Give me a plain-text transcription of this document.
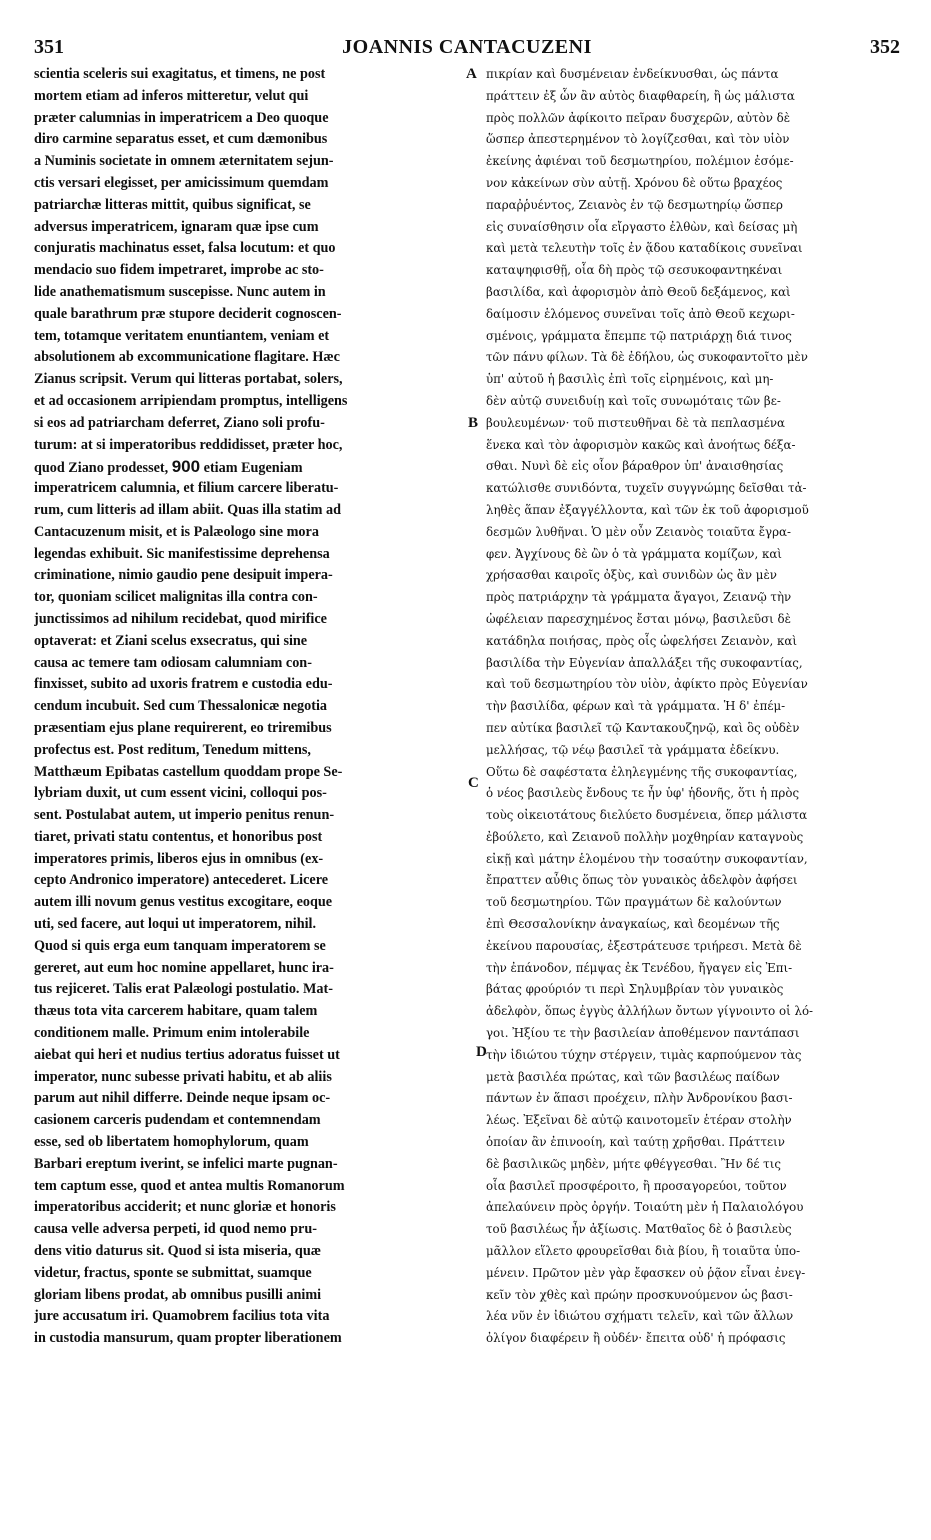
351	JOANNIS CANTACUZENI	352
scientia sceleris sui exagitatus, et timens, ne post
mortem etiam ad inferos mitteretur, velut qui
præter calumnias in imperatricem a Deo quoque
diro carmine separatus esset, et cum dæmonibus
a Numinis societate in omnem æternitatem sejun-
ctis versari elegisset, per amicissimum quemdam
patriarchæ litteras mittit, quibus significat, se
adversus imperatricem, ignaram quæ ipse cum
conjuratis machinatus esset, falsa locutum: et quo
mendacio suo fidem impetraret, improbe ac sto-
lide anathematismum suscepisse. Nunc autem in
quale barathrum præ stupore deciderit cognoscen-
tem, totamque veritatem enuntiantem, veniam et
absolutionem ab excommunicatione flagitare. Hæc
Zianus scripsit. Verum qui litteras portabat, solers,
et ad occasionem arripiendam promptus, intelligens
si eos ad patriarcham deferret, Ziano soli profu-
turum: at si imperatoribus reddidisset, præter hoc,
quod Ziano prodesset, 900 etiam Eugeniam
imperatricem calumnia, et filium carcere liberatu-
rum, cum litteris ad illam abiit. Quas illa statim ad
Cantacuzenum misit, et is Palæologo sine mora
legendas exhibuit. Sic manifestissime deprehensa
criminatione, nimio gaudio pene desipuit impera-
tor, quoniam scilicet malignitas illa contra con-
junctissimos ad nihilum recidebat, quod mirifice
optaverat: et Ziani scelus exsecratus, qui sine
causa ac temere tam odiosam calumniam con-
finxisset, subito ad uxoris fratrem e custodia edu-
cendum incubuit. Sed cum Thessalonicæ negotia
præsentiam ejus plane requirerent, eo triremibus
profectus est. Post reditum, Tenedum mittens,
Matthæum Epibatas castellum quoddam prope Se-
lybriam duxit, ut cum essent vicini, colloqui pos-
sent. Postulabat autem, ut imperio penitus renun-
tiaret, privati statu contentus, et honoribus post
imperatores primis, liberos ejus in omnibus (ex-
cepto Andronico imperatore) antecederet. Licere
autem illi novum genus vestitus excogitare, eoque
uti, sed facere, aut loqui ut imperatorem, nihil.
Quod si quis erga eum tanquam imperatorem se
gereret, aut eum hoc nomine appellaret, hunc ira-
tus rejiceret. Talis erat Palæologi postulatio. Mat-
thæus tota vita carcerem habitare, quam talem
conditionem malle. Primum enim intolerabile
aiebat qui heri et nudius tertius adoratus fuisset ut
imperator, nunc subesse privati habitu, et ab aliis
parum aut nihil differre. Deinde neque ipsam oc-
casionem carceris pudendam et contemnendam
esse, sed ob libertatem homophylorum, quam
Barbari ereptum iverint, se infelici marte pugnan-
tem captum esse, quod et antea multis Romanorum
imperatoribus acciderit; et nunc gloriæ et honoris
causa velle adversa perpeti, id quod nemo pru-
dens vitio daturus sit. Quod si ista miseria, quæ
videtur, fractus, sponte se submittat, suamque
gloriam libens prodat, ab omnibus pusilli animi
jure accusatum iri. Quamobrem facilius tota vita
in custodia mansurum, quam propter liberationem
πικρίαν καὶ δυσμένειαν ἐνδείκνυσθαι, ὡς πάντα
πράττειν ἐξ ὧν ἂν αὐτὸς διαφθαρείη, ἢ ὡς μάλιστα
πρὸς πολλῶν ἀφίκοιτο πεῖραν δυσχερῶν, αὐτὸν δὲ
ὥσπερ ἀπεστερημένον τὸ λογίζεσθαι, καὶ τὸν υἱὸν
ἐκείνης ἀφιέναι τοῦ δεσμωτηρίου, πολέμιον ἐσόμε-
νον κἀκείνων σὺν αὐτῇ. Χρόνου δὲ οὕτω βραχέος
παραῤῥυέντος, Ζειανὸς ἐν τῷ δεσμωτηρίῳ ὥσπερ
εἰς συναίσθησιν οἷα εἴργαστο ἐλθὼν, καὶ δείσας μὴ
καὶ μετὰ τελευτὴν τοῖς ἐν ᾅδου καταδίκοις συνεῖναι
καταψηφισθῇ, οἷα δὴ πρὸς τῷ σεσυκοφαντηκέναι
βασιλίδα, καὶ ἀφορισμὸν ἀπὸ Θεοῦ δεξάμενος, καὶ
δαίμοσιν ἑλόμενος συνεῖναι τοῖς ἀπὸ Θεοῦ κεχωρι-
σμένοις, γράμματα ἔπεμπε τῷ πατριάρχῃ διά τινος
τῶν πάνυ φίλων. Τὰ δὲ ἐδήλου, ὡς συκοφαντοῖτο μὲν
ὑπ' αὐτοῦ ἡ βασιλὶς ἐπὶ τοῖς εἰρημένοις, καὶ μη-
δὲν αὐτῷ συνειδυίῃ καὶ τοῖς συνωμόταις τῶν βε-
βουλευμένων· τοῦ πιστευθῆναι δὲ τὰ πεπλασμένα
ἕνεκα καὶ τὸν ἀφορισμὸν κακῶς καὶ ἀνοήτως δέξα-
σθαι. Νυνὶ δὲ εἰς οἷον βάραθρον ὑπ' ἀναισθησίας
κατώλισθε συνιδόντα, τυχεῖν συγγνώμης δεῖσθαι τἀ-
ληθὲς ἅπαν ἐξαγγέλλοντα, καὶ τῶν ἐκ τοῦ ἀφορισμοῦ
δεσμῶν λυθῆναι. Ὁ μὲν οὖν Ζειανὸς τοιαῦτα ἔγρα-
φεν. Ἀγχίνους δὲ ὢν ὁ τὰ γράμματα κομίζων, καὶ
χρήσασθαι καιροῖς ὀξὺς, καὶ συνιδὼν ὡς ἂν μὲν
πρὸς πατριάρχην τὰ γράμματα ἄγαγοι, Ζειανῷ τὴν
ὠφέλειαν παρεσχημένος ἔσται μόνῳ, βασιλεῦσι δὲ
κατάδηλα ποιήσας, πρὸς οἷς ὠφελήσει Ζειανὸν, καὶ
βασιλίδα τὴν Εὐγενίαν ἀπαλλάξει τῆς συκοφαντίας,
καὶ τοῦ δεσμωτηρίου τὸν υἱὸν, ἀφίκτο πρὸς Εὐγενίαν
τὴν βασιλίδα, φέρων καὶ τὰ γράμματα. Ἡ δ' ἐπέμ-
πεν αὐτίκα βασιλεῖ τῷ Καντακουζηνῷ, καὶ ὃς οὐδὲν
μελλήσας, τῷ νέῳ βασιλεῖ τὰ γράμματα ἐδείκνυ.
Οὕτω δὲ σαφέστατα ἐληλεγμένης τῆς συκοφαντίας,
ὁ νέος βασιλεὺς ἔνδους τε ἦν ὑφ' ἡδονῆς, ὅτι ἡ πρὸς
τοὺς οἰκειοτάτους διελύετο δυσμένεια, ὅπερ μάλιστα
ἐβούλετο, καὶ Ζειανοῦ πολλὴν μοχθηρίαν καταγνοὺς
εἰκῇ καὶ μάτην ἑλομένου τὴν τοσαύτην συκοφαντίαν,
ἔπραττεν αὖθις ὅπως τὸν γυναικὸς ἀδελφὸν ἀφήσει
τοῦ δεσμωτηρίου. Τῶν πραγμάτων δὲ καλούντων
ἐπὶ Θεσσαλονίκην ἀναγκαίως, καὶ δεομένων τῆς
ἐκείνου παρουσίας, ἐξεστράτευσε τριήρεσι. Μετὰ δὲ
τὴν ἐπάνοδον, πέμψας ἐκ Τενέδου, ἤγαγεν εἰς Ἐπι-
βάτας φρούριόν τι περὶ Σηλυμβρίαν τὸν γυναικὸς
ἀδελφὸν, ὅπως ἐγγὺς ἀλλήλων ὄντων γίγνοιντο οἱ λό-
γοι. Ἠξίου τε τὴν βασιλείαν ἀποθέμενον παντάπασι
τὴν ἰδιώτου τύχην στέργειν, τιμὰς καρπούμενον τὰς
μετὰ βασιλέα πρώτας, καὶ τῶν βασιλέως παίδων
πάντων ἐν ἅπασι προέχειν, πλὴν Ἀνδρονίκου βασι-
λέως. Ἐξεῖναι δὲ αὐτῷ καινοτομεῖν ἑτέραν στολὴν
ὁποίαν ἂν ἐπινοοίη, καὶ ταύτῃ χρῆσθαι. Πράττειν
δὲ βασιλικῶς μηδὲν, μήτε φθέγγεσθαι. Ἢν δέ τις
οἷα βασιλεῖ προσφέροιτο, ἢ προσαγορεύοι, τοῦτον
ἀπελαύνειν πρὸς ὀργήν. Τοιαύτη μὲν ἡ Παλαιολόγου
τοῦ βασιλέως ἦν ἀξίωσις. Ματθαῖος δὲ ὁ βασιλεὺς
μᾶλλον εἵλετο φρουρεῖσθαι διὰ βίου, ἢ τοιαῦτα ὑπο-
μένειν. Πρῶτον μὲν γὰρ ἔφασκεν οὐ ῥᾷον εἶναι ἐνεγ-
κεῖν τὸν χθὲς καὶ πρώην προσκυνούμενον ὡς βασι-
λέα νῦν ἐν ἰδιώτου σχήματι τελεῖν, καὶ τῶν ἄλλων
ὀλίγον διαφέρειν ἢ οὐδέν· ἔπειτα οὐδ' ἡ πρόφασις
A
B
C
D
